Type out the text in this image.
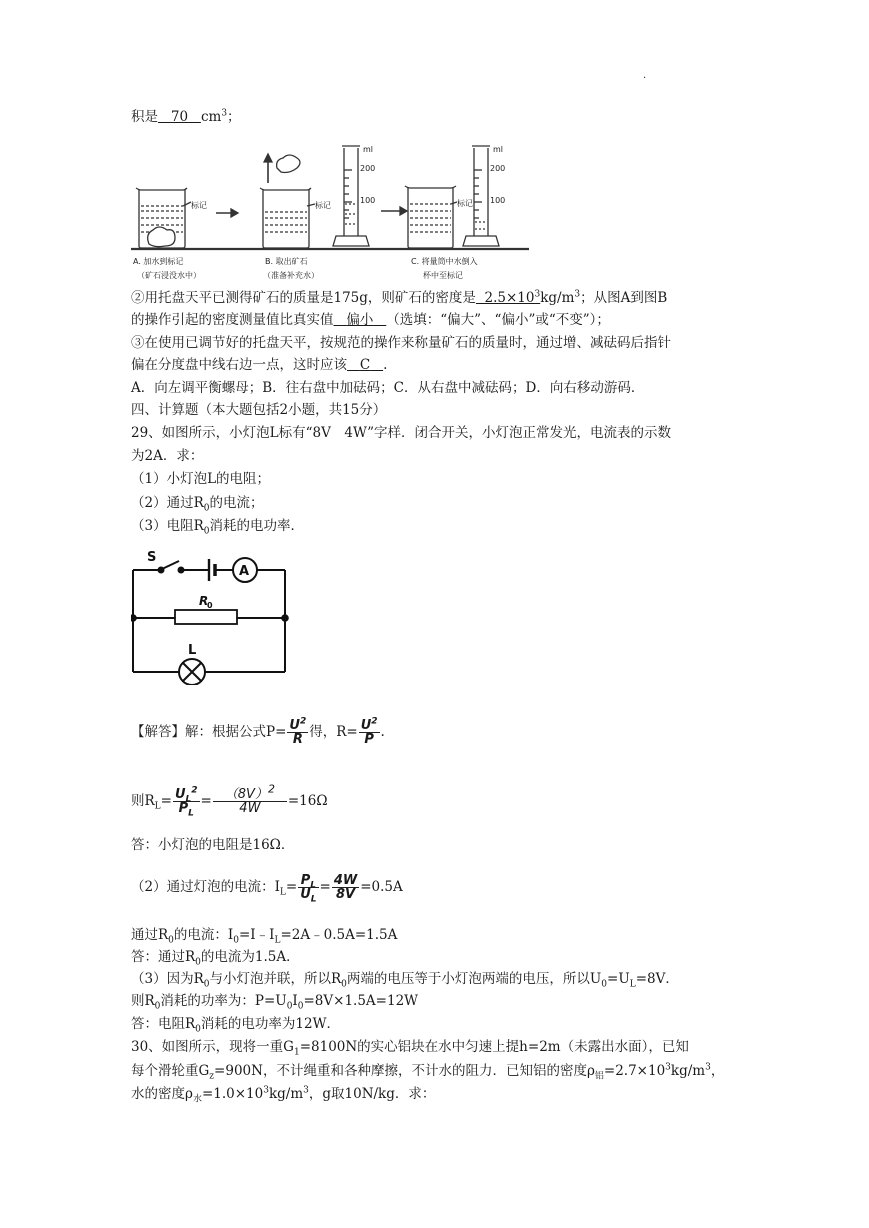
.
积是 70 $cm^3$；
标记	标记	标记
ml
200
100
ml
200
100
A. 加水到标记
（矿石浸没水中）
B. 取出矿石
（准备补充水）
C. 将量筒中水倒入
杯中至标记
②用托盘天平已测得矿石的质量是175g，则矿石的密度是 $2.5\times 10^3kg/m^3$；从图A到图B
的操作引起的密度测量值比真实值 偏小 （选填：“偏大”、“偏小”或“不变”）；
③在使用已调节好的托盘天平，按规范的操作来称量矿石的质量时，通过增、减砝码后指针
偏在分度盘中线右边一点，这时应该 C .
A．向左调平衡螺母；B．往右盘中加砝码；C．从右盘中减砝码；D．向右移动游码．
四、计算题（本大题包括2小题，共15分）
29、如图所示，小灯泡L标有“8V　4W”字样．闭合开关，小灯泡正常发光，电流表的示数
为2A．求：
（1）小灯泡L的电阻；
（2）通过$R_0$的电流；
（3）电阻$R_0$消耗的电功率．
S
A
R
0
L
【解答】解：根据公式$P= \frac{U^2}{R}$ 得，$R= \frac{U^2}{P}$ .
则$R_L= \frac{U_L^2}{P_L} = \frac{(8V)^2}{4W} =16\Omega$
答：小灯泡的电阻是16Ω．
（2）通过灯泡的电流：$I_L= \frac{P_L}{U_L} = \frac{4W}{8V} =0.5A$
通过$R_0$的电流：$I_0=I﹣I_L=2A﹣0.5A=1.5A$
答：通过$R_0$的电流为1.5A．
（3）因为$R_0$与小灯泡并联，所以$R_0$两端的电压等于小灯泡两端的电压，所以$U_0=U_L=8V$．
则$R_0$消耗的功率为：$P=U_0I_0=8V\times 1.5A=12W$
答：电阻$R_0$消耗的电功率为12W．
30、如图所示，现将一重$G_1=8100N$的实心铝块在水中匀速上提h=2m（未露出水面），已知
每个滑轮重$G_z=900N$，不计绳重和各种摩擦，不计水的阻力．已知铝的密度$\rho_铝=2.7\times 10^3kg/m^3$，
水的密度$\rho_水=1.0\times 10^3kg/m^3$，g取10N/kg．求：
